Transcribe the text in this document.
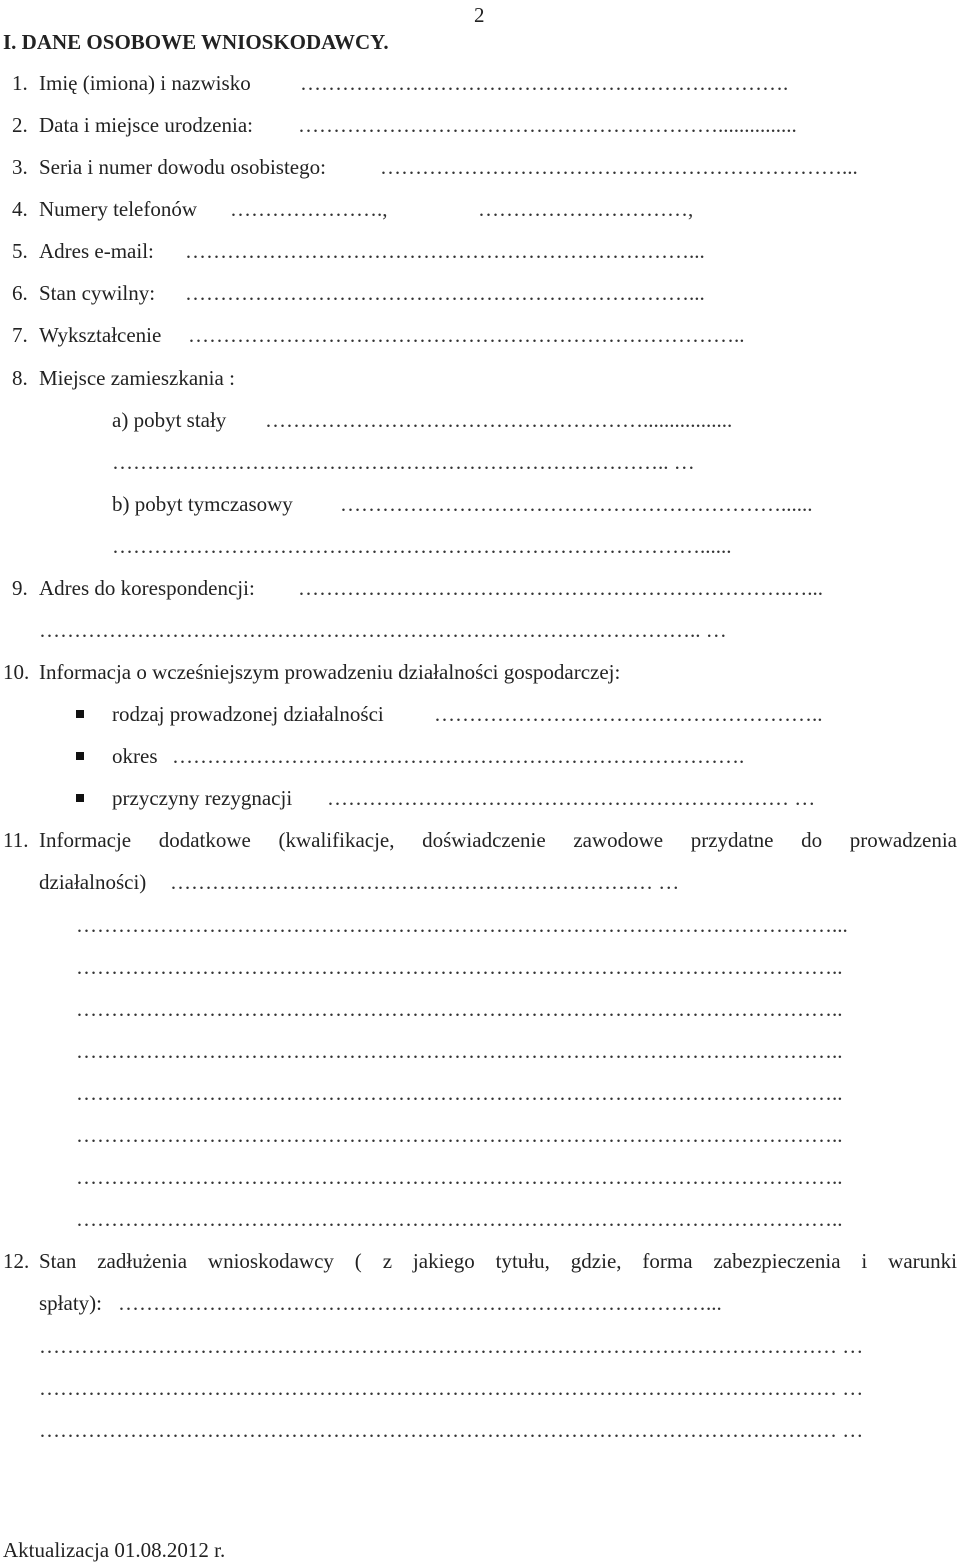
2
I. DANE OSOBOWE WNIOSKODAWCY.
1. Imię (imiona) i nazwisko …………………………………………………………….
2. Data i miejsce urodzenia: ……………………………………………………...............
3. Seria i numer dowodu osobistego:	…………………………………………………………...
4. Numery telefonów ………………….,	…………………………,
5. Adres e-mail: ………………………………………………………………...
6. Stan cywilny: ………………………………………………………………...
7. Wykształcenie ……………………………………………………………………..
8. Miejsce zamieszkania :
a) pobyt stały ……………………………………………….................
…………………………………………………………………….. …
b) pobyt tymczasowy ………………………………………………………......
…………………………………………………………………………......
9. Adres do korespondencji: …………………………………………………………….…...
………………………………………………………………………………….. …
10. Informacja o wcześniejszym prowadzeniu działalności gospodarczej:
rodzaj prowadzonej działalności ………………………………………………..
okres ……………………………………………………………………….
przyczyny rezygnacji ………………………………………………………… …
11. Informacje dodatkowe (kwalifikacje, doświadczenie zawodowe przydatne do prowadzenia
działalności) …………………………………………………………… …
………………………………………………………………………………………………...
………………………………………………………………………………………………..
………………………………………………………………………………………………..
………………………………………………………………………………………………..
………………………………………………………………………………………………..
………………………………………………………………………………………………..
………………………………………………………………………………………………..
………………………………………………………………………………………………..
12. Stan zadłużenia wnioskodawcy ( z jakiego tytułu, gdzie, forma zabezpieczenia i warunki
spłaty): …………………………………………………………………………...
…………………………………………………………………………………………………… …
…………………………………………………………………………………………………… …
…………………………………………………………………………………………………… …
Aktualizacja 01.08.2012 r.
